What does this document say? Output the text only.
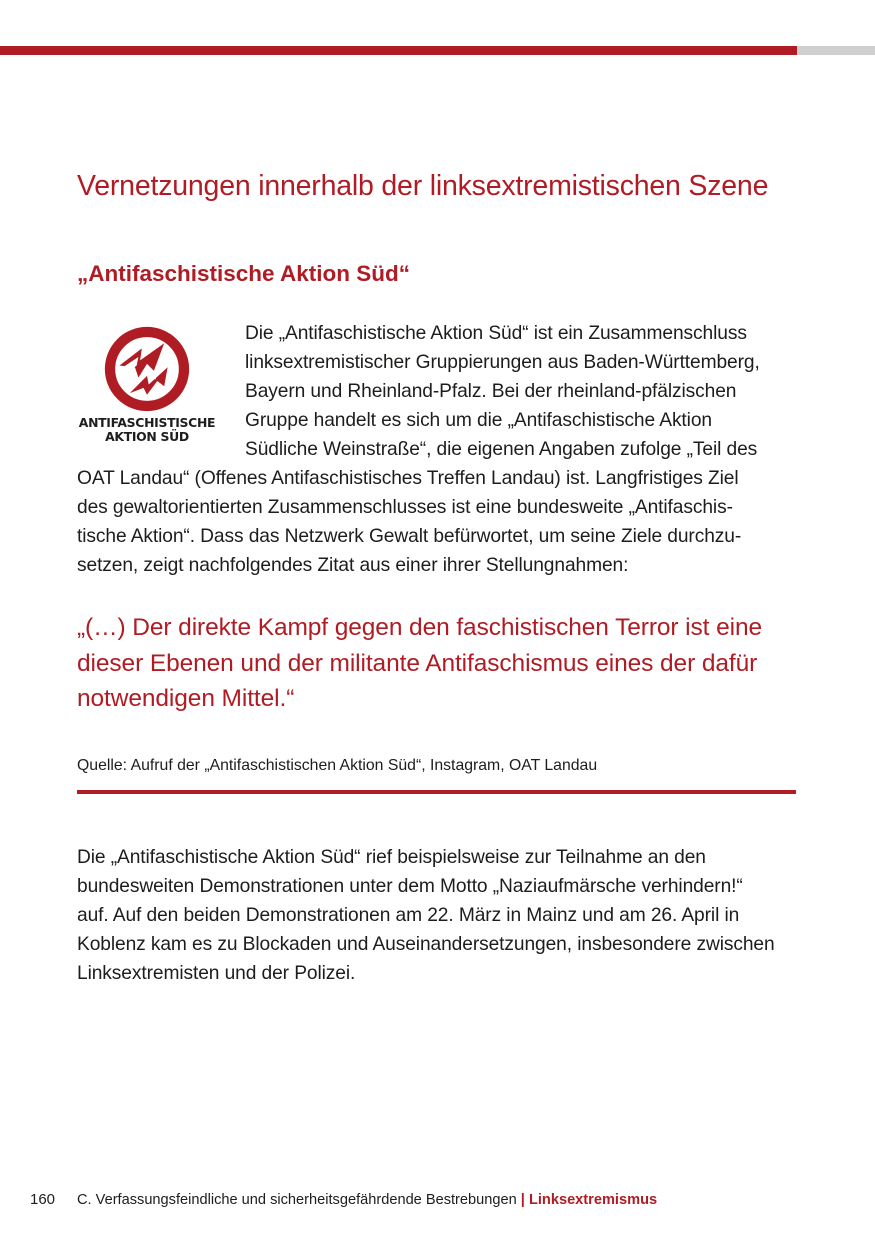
Vernetzungen innerhalb der linksextremistischen Szene
„Antifaschistische Aktion Süd“
ANTIFASCHISTISCHE
AKTION SÜD
Die „Antifaschistische Aktion Süd“ ist ein Zusammenschluss
linksextremistischer Gruppierungen aus Baden-Württemberg,
Bayern und Rheinland-Pfalz. Bei der rheinland-pfälzischen
Gruppe handelt es sich um die „Antifaschistische Aktion
Südliche Weinstraße“, die eigenen Angaben zufolge „Teil des
OAT Landau“ (Offenes Antifaschistisches Treffen Landau) ist. Langfristiges Ziel
des gewaltorientierten Zusammenschlusses ist eine bundesweite „Antifaschis-
tische Aktion“. Dass das Netzwerk Gewalt befürwortet, um seine Ziele durchzu-
setzen, zeigt nachfolgendes Zitat aus einer ihrer Stellungnahmen:
„(…) Der direkte Kampf gegen den faschistischen Terror ist eine
dieser Ebenen und der militante Antifaschismus eines der dafür
notwendigen Mittel.“
Quelle: Aufruf der „Antifaschistischen Aktion Süd“, Instagram, OAT Landau
Die „Antifaschistische Aktion Süd“ rief beispielsweise zur Teilnahme an den
bundesweiten Demonstrationen unter dem Motto „Naziaufmärsche verhindern!“
auf. Auf den beiden Demonstrationen am 22. März in Mainz und am 26. April in
Koblenz kam es zu Blockaden und Auseinandersetzungen, insbesondere zwischen
Linksextremisten und der Polizei.
160 C. Verfassungsfeindliche und sicherheitsgefährdende Bestrebungen | Linksextremismus
